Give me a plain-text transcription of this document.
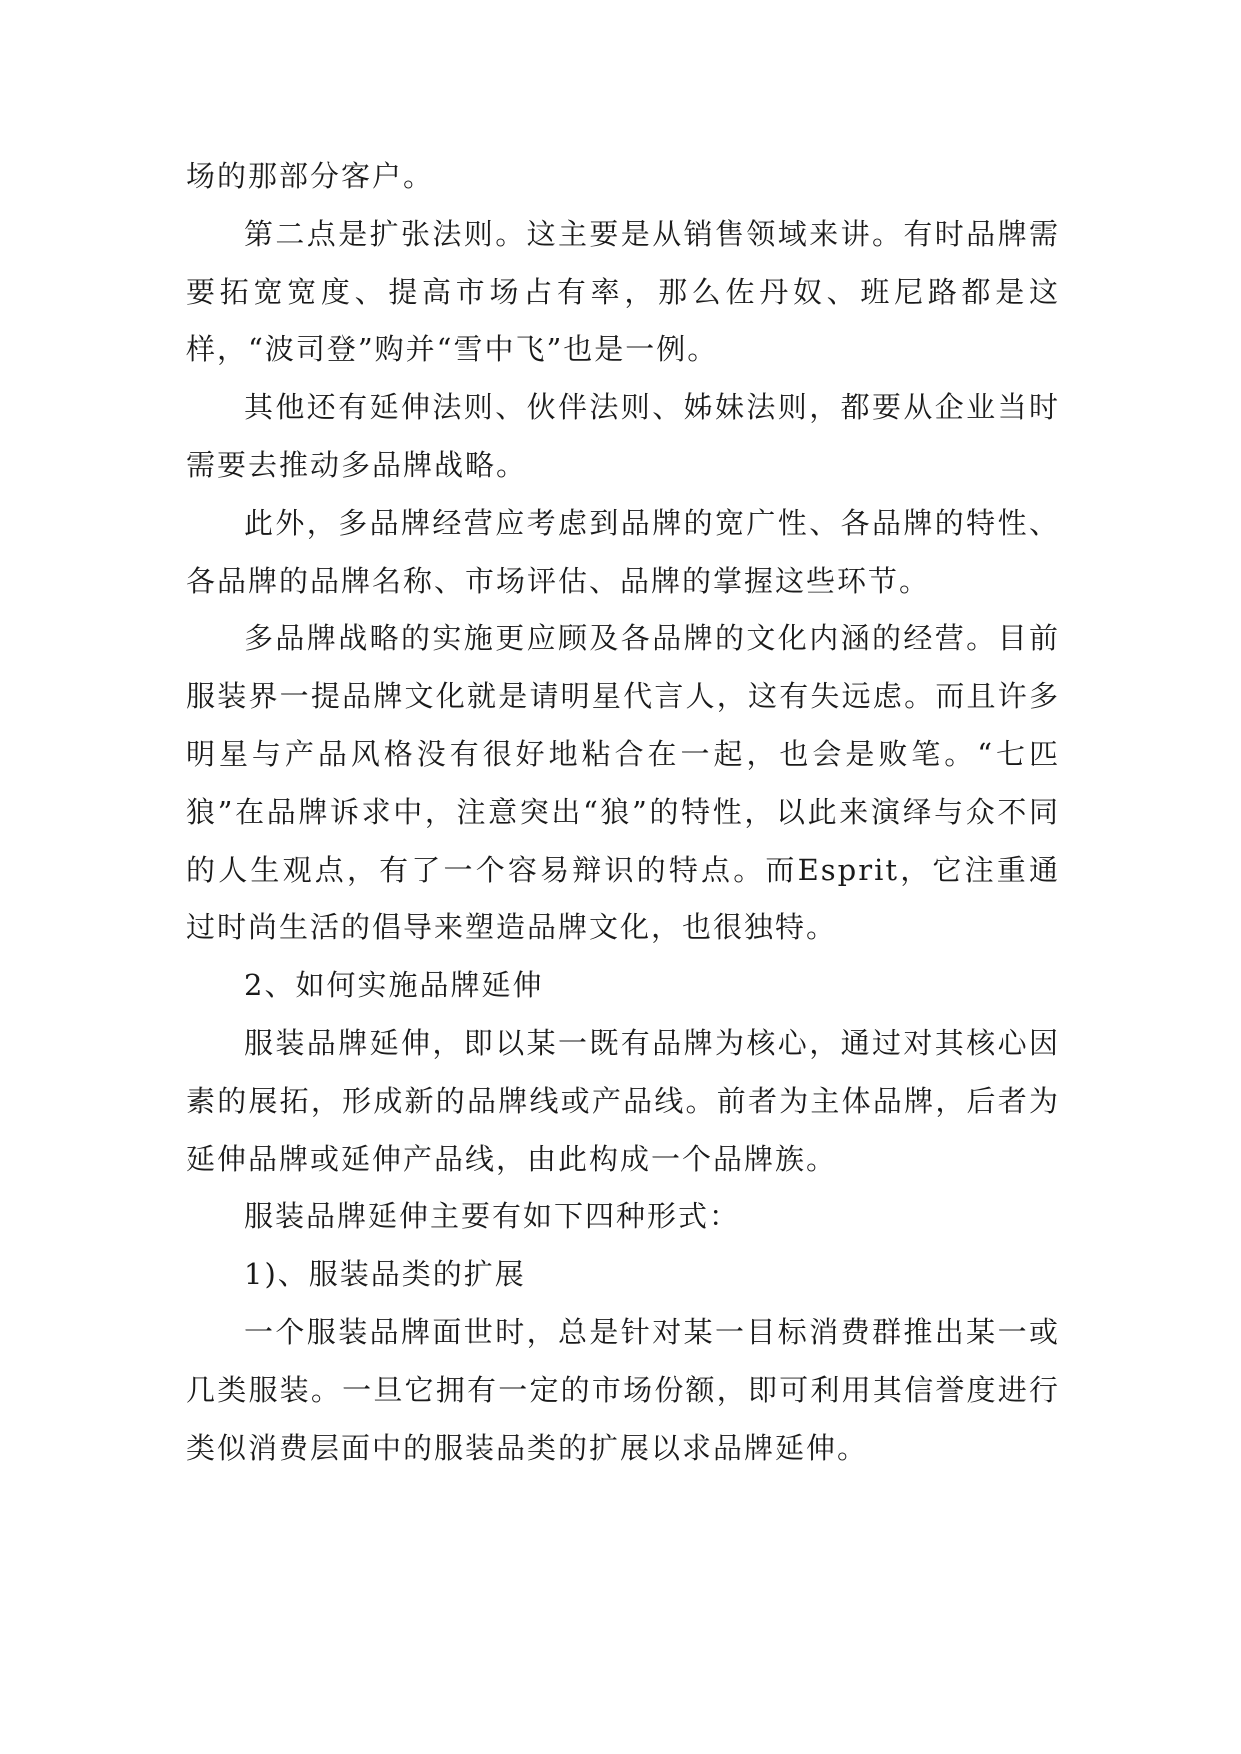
场的那部分客户。

第二点是扩张法则。这主要是从销售领域来讲。有时品牌需要拓宽宽度、提高市场占有率，那么佐丹奴、班尼路都是这样，“波司登”购并“雪中飞”也是一例。

其他还有延伸法则、伙伴法则、姊妹法则，都要从企业当时需要去推动多品牌战略。

此外，多品牌经营应考虑到品牌的宽广性、各品牌的特性、各品牌的品牌名称、市场评估、品牌的掌握这些环节。

多品牌战略的实施更应顾及各品牌的文化内涵的经营。目前服装界一提品牌文化就是请明星代言人，这有失远虑。而且许多明星与产品风格没有很好地粘合在一起，也会是败笔。“七匹狼”在品牌诉求中，注意突出“狼”的特性，以此来演绎与众不同的人生观点，有了一个容易辩识的特点。而Esprit，它注重通过时尚生活的倡导来塑造品牌文化，也很独特。

2、如何实施品牌延伸

服装品牌延伸，即以某一既有品牌为核心，通过对其核心因素的展拓，形成新的品牌线或产品线。前者为主体品牌，后者为延伸品牌或延伸产品线，由此构成一个品牌族。

服装品牌延伸主要有如下四种形式：

1)、服装品类的扩展

一个服装品牌面世时，总是针对某一目标消费群推出某一或几类服装。一旦它拥有一定的市场份额，即可利用其信誉度进行类似消费层面中的服装品类的扩展以求品牌延伸。
